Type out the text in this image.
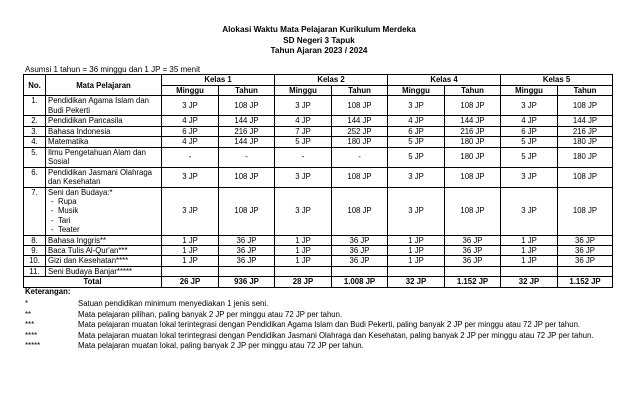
Alokasi Waktu Mata Pelajaran Kurikulum Merdeka
SD Negeri 3 Tapuk
Tahun Ajaran 2023 / 2024
Asumsi 1 tahun = 36 minggu dan 1 JP = 35 menit
No.	Mata Pelajaran	Kelas 1		Kelas 2		Kelas 4		Kelas 5	
		Minggu	Tahun	Minggu	Tahun	Minggu	Tahun	Minggu	Tahun
1.	Pendidikan Agama Islam dan Budi Pekerti	3 JP	108 JP	3 JP	108 JP	3 JP	108 JP	3 JP	108 JP
2.	Pendidikan Pancasila	4 JP	144 JP	4 JP	144 JP	4 JP	144 JP	4 JP	144 JP
3.	Bahasa Indonesia	6 JP	216 JP	7 JP	252 JP	6 JP	216 JP	6 JP	216 JP
4.	Matematika	4 JP	144 JP	5 JP	180 JP	5 JP	180 JP	5 JP	180 JP
5.	Ilmu Pengetahuan Alam dan Sosial	-	-	-	-	5 JP	180 JP	5 JP	180 JP
6.	Pendidikan Jasmani Olahraga dan Kesehatan	3 JP	108 JP	3 JP	108 JP	3 JP	108 JP	3 JP	108 JP
7.	Seni dan Budaya:*
-  Rupa
-  Musik
-  Tari
-  Teater	3 JP	108 JP	3 JP	108 JP	3 JP	108 JP	3 JP	108 JP
8.	Bahasa Inggris**	1 JP	36 JP	1 JP	36 JP	1 JP	36 JP	1 JP	36 JP
9.	Baca Tulis Al-Qur'an***	1 JP	36 JP	1 JP	36 JP	1 JP	36 JP	1 JP	36 JP
10.	Gizi dan Kesehatan****	1 JP	36 JP	1 JP	36 JP	1 JP	36 JP	1 JP	36 JP
11.	Seni Budaya Banjar*****								
Total		26 JP	936 JP	28 JP	1.008 JP	32 JP	1.152 JP	32 JP	1.152 JP
Keterangan:
*	Satuan pendidikan minimum menyediakan 1 jenis seni.
**	Mata pelajaran pilihan, paling banyak 2 JP per minggu atau 72 JP per tahun.
***	Mata pelajaran muatan lokal terintegrasi dengan Pendidikan Agama Islam dan Budi Pekerti, paling banyak 2 JP per minggu atau 72 JP per tahun.
****	Mata pelajaran muatan lokal terintegrasi dengan Pendidikan Jasmani Olahraga dan Kesehatan, paling banyak 2 JP per minggu atau 72 JP per tahun.
*****	Mata pelajaran muatan lokal, paling banyak 2 JP per minggu atau 72 JP per tahun.
